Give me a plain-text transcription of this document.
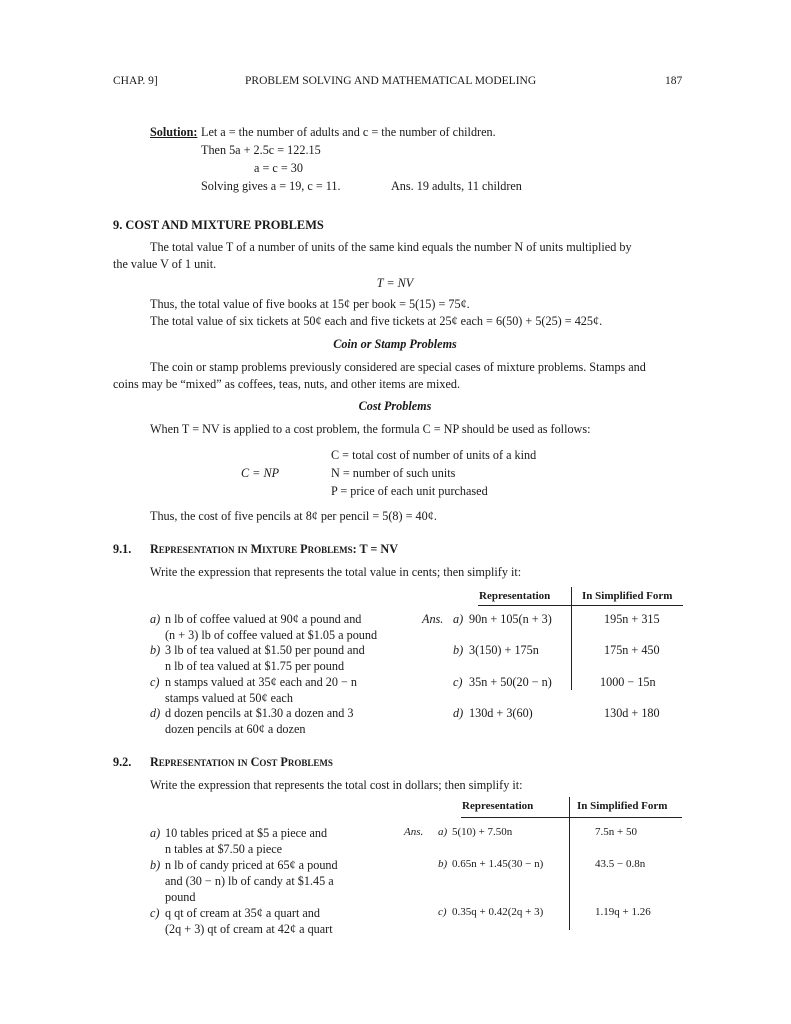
CHAP. 9]	PROBLEM SOLVING AND MATHEMATICAL MODELING	187
Solution: Let a = the number of adults and c = the number of children.
Then 5a + 2.5c = 122.15
a = c = 30
Solving gives a = 19, c = 11.	Ans. 19 adults, 11 children
9. COST AND MIXTURE PROBLEMS
The total value T of a number of units of the same kind equals the number N of units multiplied by
the value V of 1 unit.
T = NV
Thus, the total value of five books at 15¢ per book = 5(15) = 75¢.
The total value of six tickets at 50¢ each and five tickets at 25¢ each = 6(50) + 5(25) = 425¢.
Coin or Stamp Problems
The coin or stamp problems previously considered are special cases of mixture problems. Stamps and
coins may be “mixed” as coffees, teas, nuts, and other items are mixed.
Cost Problems
When T = NV is applied to a cost problem, the formula C = NP should be used as follows:
C = NP
C = total cost of number of units of a kind
N = number of such units
P = price of each unit purchased
Thus, the cost of five pencils at 8¢ per pencil = 5(8) = 40¢.
9.1. Representation in Mixture Problems: T = NV
Write the expression that represents the total value in cents; then simplify it:
Representation	In Simplified Form
Ans.
a) n lb of coffee valued at 90¢ a pound and
(n + 3) lb of coffee valued at $1.05 a pound
a) 90n + 105(n + 3)	195n + 315
b) 3 lb of tea valued at $1.50 per pound and
n lb of tea valued at $1.75 per pound
b) 3(150) + 175n	175n + 450
c) n stamps valued at 35¢ each and 20 − n
stamps valued at 50¢ each
c) 35n + 50(20 − n)	1000 − 15n
d) d dozen pencils at $1.30 a dozen and 3
dozen pencils at 60¢ a dozen
d) 130d + 3(60)	130d + 180
9.2. Representation in Cost Problems
Write the expression that represents the total cost in dollars; then simplify it:
Representation	In Simplified Form
Ans.
a) 10 tables priced at $5 a piece and
n tables at $7.50 a piece
a) 5(10) + 7.50n	7.5n + 50
b) n lb of candy priced at 65¢ a pound
and (30 − n) lb of candy at $1.45 a
pound
b) 0.65n + 1.45(30 − n)	43.5 − 0.8n
c) q qt of cream at 35¢ a quart and
(2q + 3) qt of cream at 42¢ a quart
c) 0.35q + 0.42(2q + 3)	1.19q + 1.26
